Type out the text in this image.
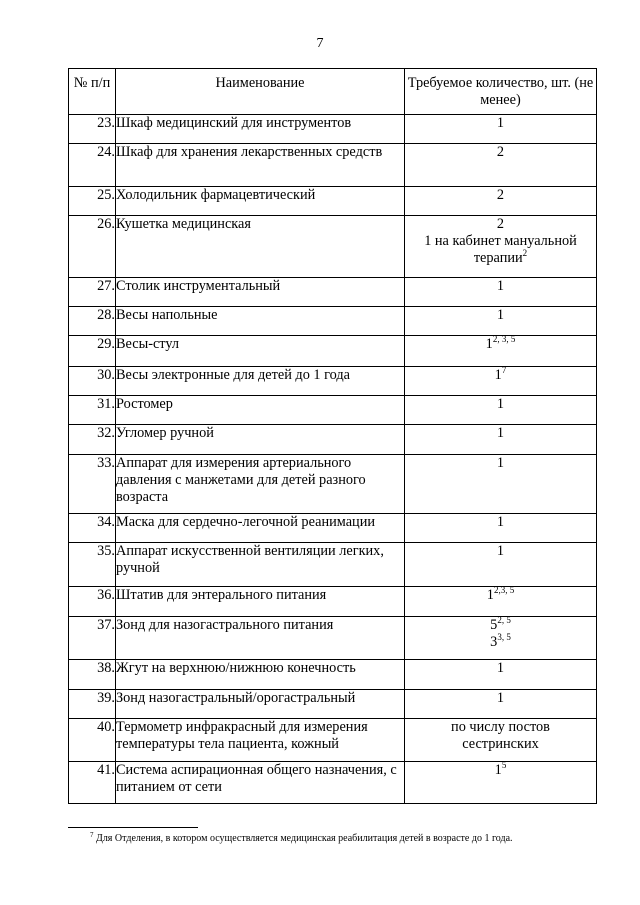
7
№ п/п	Наименование	Требуемое количество, шт. (не менее)
23.	Шкаф медицинский для инструментов	1

24.	Шкаф для хранения лекарственных средств	2

25.	Холодильник фармацевтический	2

26.	Кушетка медицинская	2
1 на кабинет мануальной
терапии$^2$

27.	Столик инструментальный	1

28.	Весы напольные	1

29.	Весы-стул	1$^{2, 3, 5}$

30.	Весы электронные для детей до 1 года	$1^7$

31.	Ростомер	1

32.	Угломер ручной	1

33.	Аппарат для измерения артериального давления с манжетами для детей разного возраста	1

34.	Маска для сердечно-легочной реанимации	1

35.	Аппарат искусственной вентиляции легких, ручной	1

36.	Штатив для энтерального питания	1$^{2,3, 5}$

37.	Зонд для назогастрального питания	5$^{2, 5}$
3$^{3, 5}$

38.	Жгут на верхнюю/нижнюю конечность	1

39.	Зонд назогастральный/орогастральный	1

40.	Термометр инфракрасный для измерения температуры тела пациента, кожный	по числу постов
сестринских

41.	Система аспирационная общего назначения, с питанием от сети	$1^5$
$^7$ Для Отделения, в котором осуществляется медицинская реабилитация детей в возрасте до 1 года.
